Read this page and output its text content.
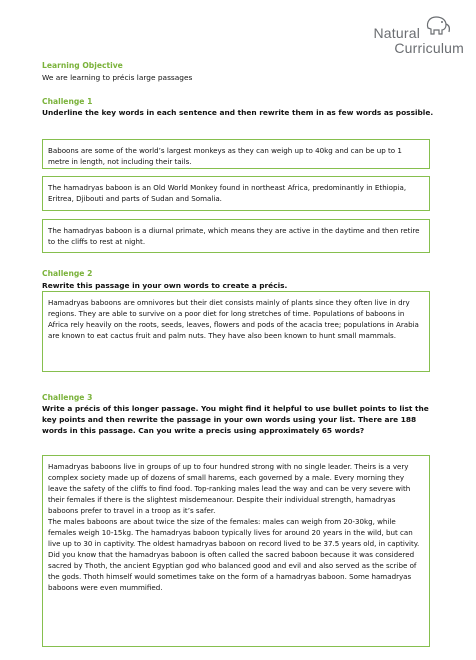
Natural
Curriculum
Learning Objective
We are learning to précis large passages
Challenge 1
Underline the key words in each sentence and then rewrite them in as few words as possible.

Baboons are some of the world’s largest monkeys as they can weigh up to 40kg and can be up to 1 metre in length, not including their tails.

The hamadryas baboon is an Old World Monkey found in northeast Africa, predominantly in Ethiopia, Eritrea, Djibouti and parts of Sudan and Somalia.

The hamadryas baboon is a diurnal primate, which means they are active in the daytime and then retire to the cliffs to rest at night.

Challenge 2
Rewrite this passage in your own words to create a précis.

Hamadryas baboons are omnivores but their diet consists mainly of plants since they often live in dry regions. They are able to survive on a poor diet for long stretches of time. Populations of baboons in Africa rely heavily on the roots, seeds, leaves, flowers and pods of the acacia tree; populations in Arabia are known to eat cactus fruit and palm nuts. They have also been known to hunt small mammals.

Challenge 3
Write a précis of this longer passage. You might find it helpful to use bullet points to list the key points and then rewrite the passage in your own words using your list. There are 188 words in this passage. Can you write a precis using approximately 65 words?

Hamadryas baboons live in groups of up to four hundred strong with no single leader. Theirs is a very complex society made up of dozens of small harems, each governed by a male. Every morning they leave the safety of the cliffs to find food. Top-ranking males lead the way and can be very severe with their females if there is the slightest misdemeanour. Despite their individual strength, hamadryas baboons prefer to travel in a troop as it’s safer.

The males baboons are about twice the size of the females: males can weigh from 20-30kg, while females weigh 10-15kg. The hamadryas baboon typically lives for around 20 years in the wild, but can live up to 30 in captivity. The oldest hamadryas baboon on record lived to be 37.5 years old, in captivity.

Did you know that the hamadryas baboon is often called the sacred baboon because it was considered sacred by Thoth, the ancient Egyptian god who balanced good and evil and also served as the scribe of the gods. Thoth himself would sometimes take on the form of a hamadryas baboon. Some hamadryas baboons were even mummified.
